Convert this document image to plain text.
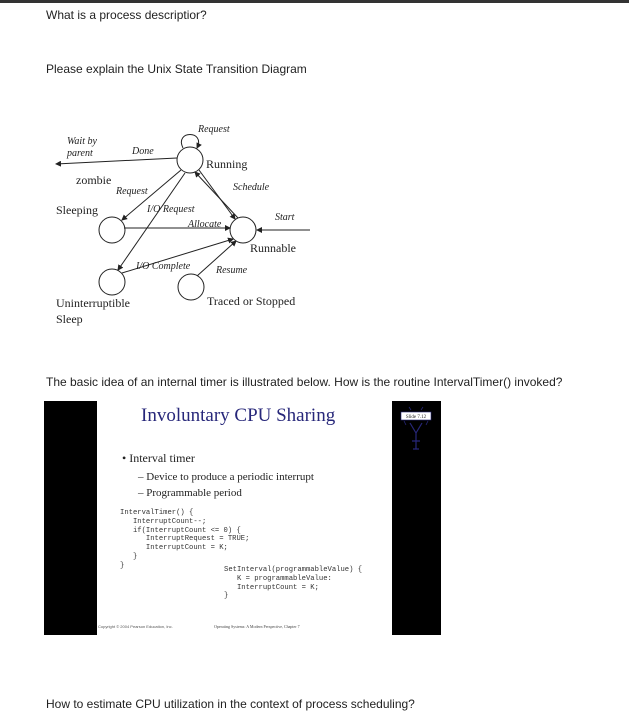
What is a process descriptior?
Please explain the Unix State Transition Diagram
Request
Wait by
parent	Done
Request	Schedule
I/O Request
Allocate
Start
I/O Complete	Resume
Running
zombie
Sleeping
Runnable
Uninterruptible
Sleep
Traced or Stopped
The basic idea of an internal timer is illustrated below. How is the routine IntervalTimer() invoked?
Involuntary CPU Sharing	Slide 7.12
• Interval timer
– Device to produce a periodic interrupt
– Programmable period
IntervalTimer() {
InterruptCount--;
if(InterruptCount <= 0) {
InterruptRequest = TRUE;
InterruptCount = K;
}
}
SetInterval(programmableValue) {
K = programmableValue:
InterruptCount = K;
}
Copyright © 2004 Pearson Education, Inc.	Operating Systems: A Modern Perspective, Chapter 7
How to estimate CPU utilization in the context of process scheduling?
